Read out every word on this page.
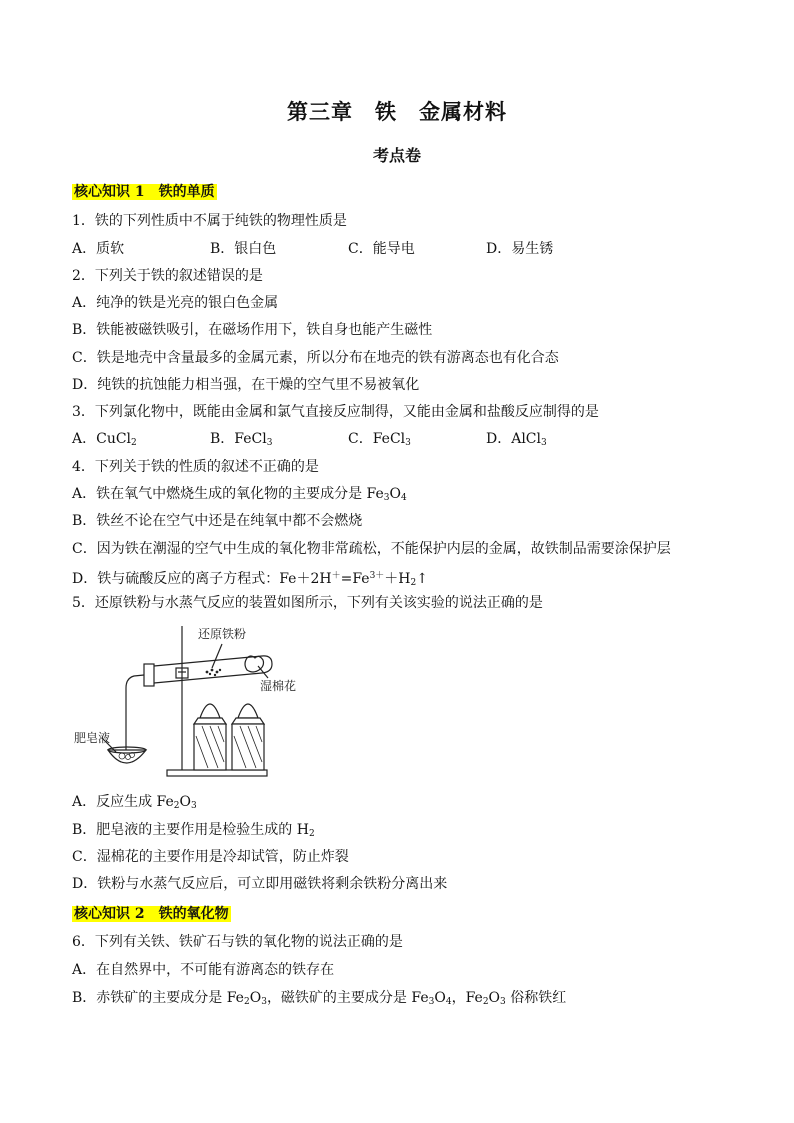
第三章　铁　金属材料
考点卷
核心知识 1　铁的单质
1．铁的下列性质中不属于纯铁的物理性质是
A．质软	B．银白色	C．能导电	D．易生锈
2．下列关于铁的叙述错误的是
A．纯净的铁是光亮的银白色金属
B．铁能被磁铁吸引，在磁场作用下，铁自身也能产生磁性
C．铁是地壳中含量最多的金属元素，所以分布在地壳的铁有游离态也有化合态
D．纯铁的抗蚀能力相当强，在干燥的空气里不易被氧化
3．下列氯化物中，既能由金属和氯气直接反应制得，又能由金属和盐酸反应制得的是
A．CuCl$_2$	B．FeCl$_3$	C．FeCl$_3$	D．AlCl$_3$
4．下列关于铁的性质的叙述不正确的是
A．铁在氧气中燃烧生成的氧化物的主要成分是 $Fe_3O_4$
B．铁丝不论在空气中还是在纯氧中都不会燃烧
C．因为铁在潮湿的空气中生成的氧化物非常疏松，不能保护内层的金属，故铁制品需要涂保护层
D．铁与硫酸反应的离子方程式：$Fe+2H^+=Fe^{3+}+H_2↑$
5．还原铁粉与水蒸气反应的装置如图所示，下列有关该实验的说法正确的是
还原铁粉
湿棉花
肥皂液
A．反应生成 $Fe_2O_3$
B．肥皂液的主要作用是检验生成的 $H_2$
C．湿棉花的主要作用是冷却试管，防止炸裂
D．铁粉与水蒸气反应后，可立即用磁铁将剩余铁粉分离出来
核心知识 2　铁的氧化物
6．下列有关铁、铁矿石与铁的氧化物的说法正确的是
A．在自然界中，不可能有游离态的铁存在
B．赤铁矿的主要成分是 $Fe_2O_3$，磁铁矿的主要成分是 $Fe_3O_4$，$Fe_2O_3$ 俗称铁红
